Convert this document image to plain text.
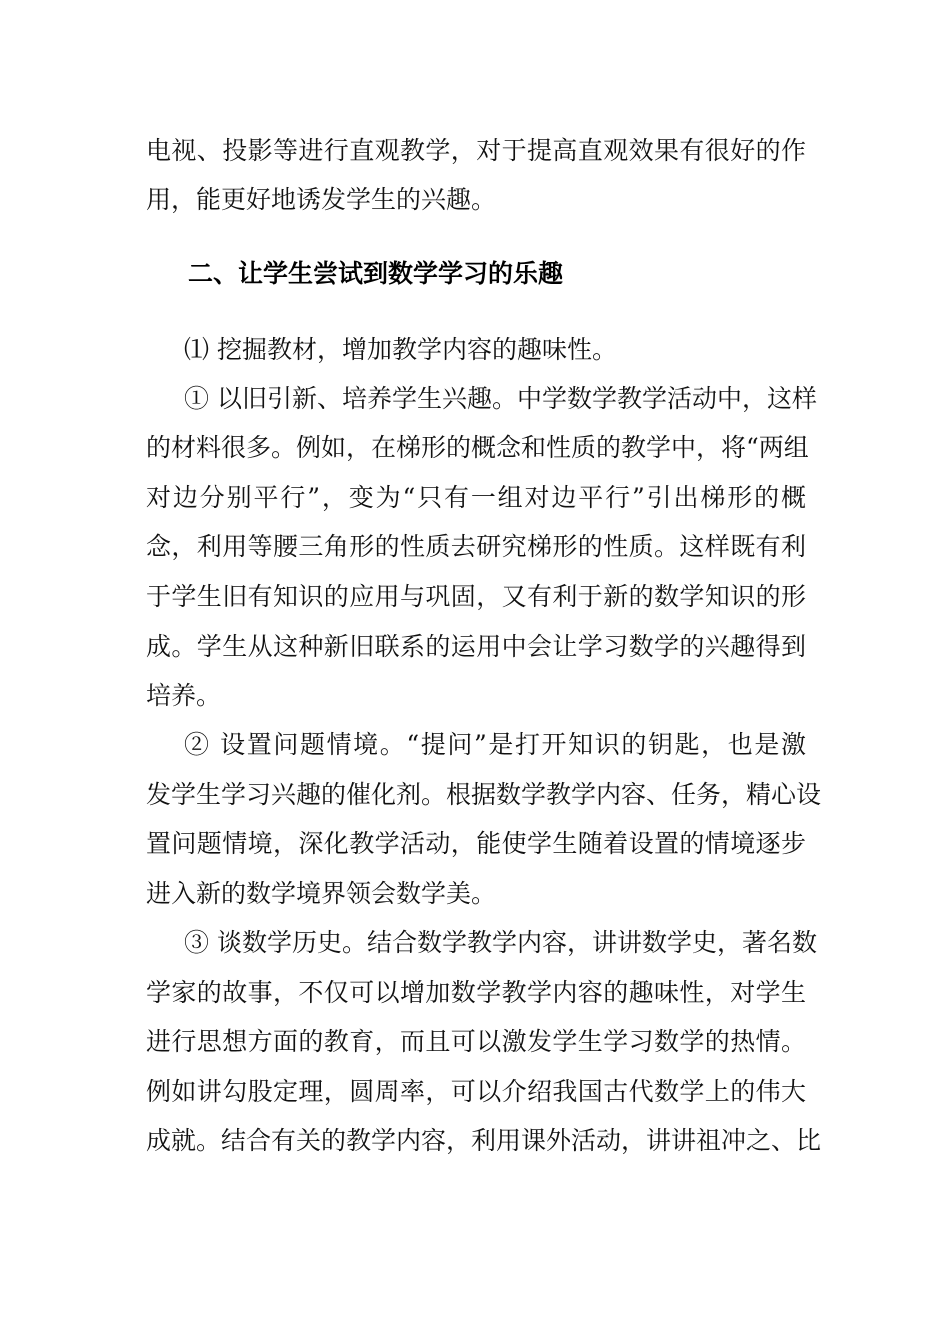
电视、投影等进行直观教学，对于提高直观效果有很好的作
用，能更好地诱发学生的兴趣。
二、让学生尝试到数学学习的乐趣
⑴ 挖掘教材，增加教学内容的趣味性。
① 以旧引新、培养学生兴趣。中学数学教学活动中，这样
的材料很多。例如，在梯形的概念和性质的教学中，将“两组
对边分别平行”，变为“只有一组对边平行”引出梯形的概
念，利用等腰三角形的性质去研究梯形的性质。这样既有利
于学生旧有知识的应用与巩固，又有利于新的数学知识的形
成。学生从这种新旧联系的运用中会让学习数学的兴趣得到
培养。
② 设置问题情境。“提问”是打开知识的钥匙，也是激
发学生学习兴趣的催化剂。根据数学教学内容、任务，精心设
置问题情境，深化教学活动，能使学生随着设置的情境逐步
进入新的数学境界领会数学美。
③ 谈数学历史。结合数学教学内容，讲讲数学史，著名数
学家的故事，不仅可以增加数学教学内容的趣味性，对学生
进行思想方面的教育，而且可以激发学生学习数学的热情。
例如讲勾股定理，圆周率，可以介绍我国古代数学上的伟大
成就。结合有关的教学内容，利用课外活动，讲讲祖冲之、比
